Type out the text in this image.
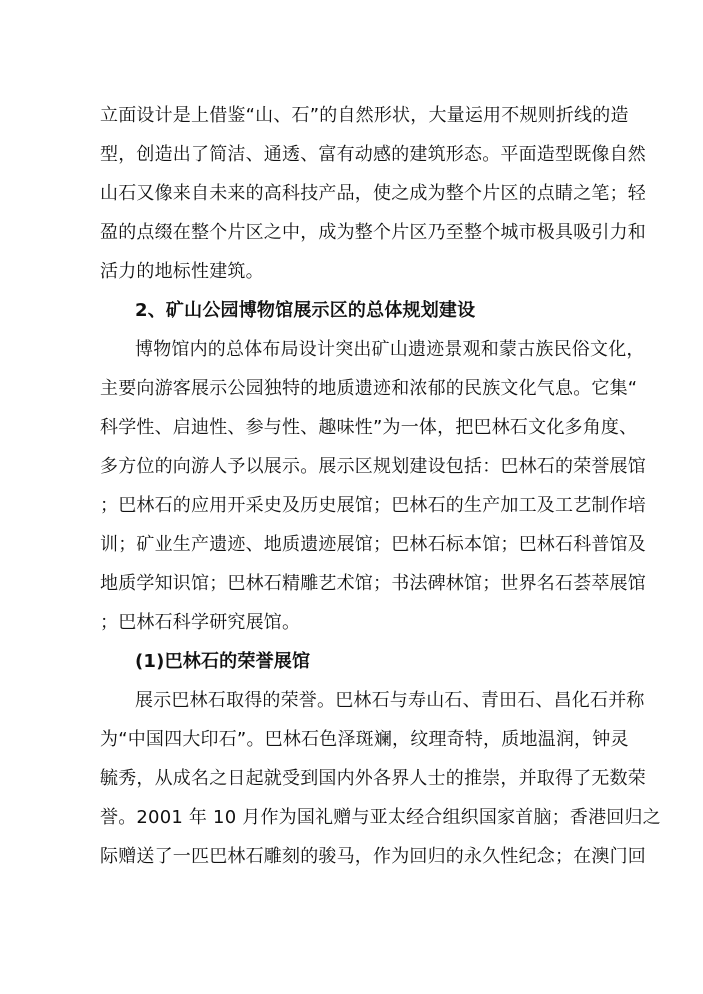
立面设计是上借鉴“山、石”的自然形状，大量运用不规则折线的造
型，创造出了简洁、通透、富有动感的建筑形态。平面造型既像自然
山石又像来自未来的高科技产品，使之成为整个片区的点睛之笔；轻
盈的点缀在整个片区之中，成为整个片区乃至整个城市极具吸引力和
活力的地标性建筑。
2、矿山公园博物馆展示区的总体规划建设
博物馆内的总体布局设计突出矿山遗迹景观和蒙古族民俗文化，
主要向游客展示公园独特的地质遗迹和浓郁的民族文化气息。它集“
科学性、启迪性、参与性、趣味性”为一体，把巴林石文化多角度、
多方位的向游人予以展示。展示区规划建设包括：巴林石的荣誉展馆
；巴林石的应用开采史及历史展馆；巴林石的生产加工及工艺制作培
训；矿业生产遗迹、地质遗迹展馆；巴林石标本馆；巴林石科普馆及
地质学知识馆；巴林石精雕艺术馆；书法碑林馆；世界名石荟萃展馆
；巴林石科学研究展馆。
(1)巴林石的荣誉展馆
展示巴林石取得的荣誉。巴林石与寿山石、青田石、昌化石并称
为“中国四大印石”。巴林石色泽斑斓，纹理奇特，质地温润，钟灵
毓秀，从成名之日起就受到国内外各界人士的推崇，并取得了无数荣
誉。2001 年 10 月作为国礼赠与亚太经合组织国家首脑；香港回归之
际赠送了一匹巴林石雕刻的骏马，作为回归的永久性纪念；在澳门回
